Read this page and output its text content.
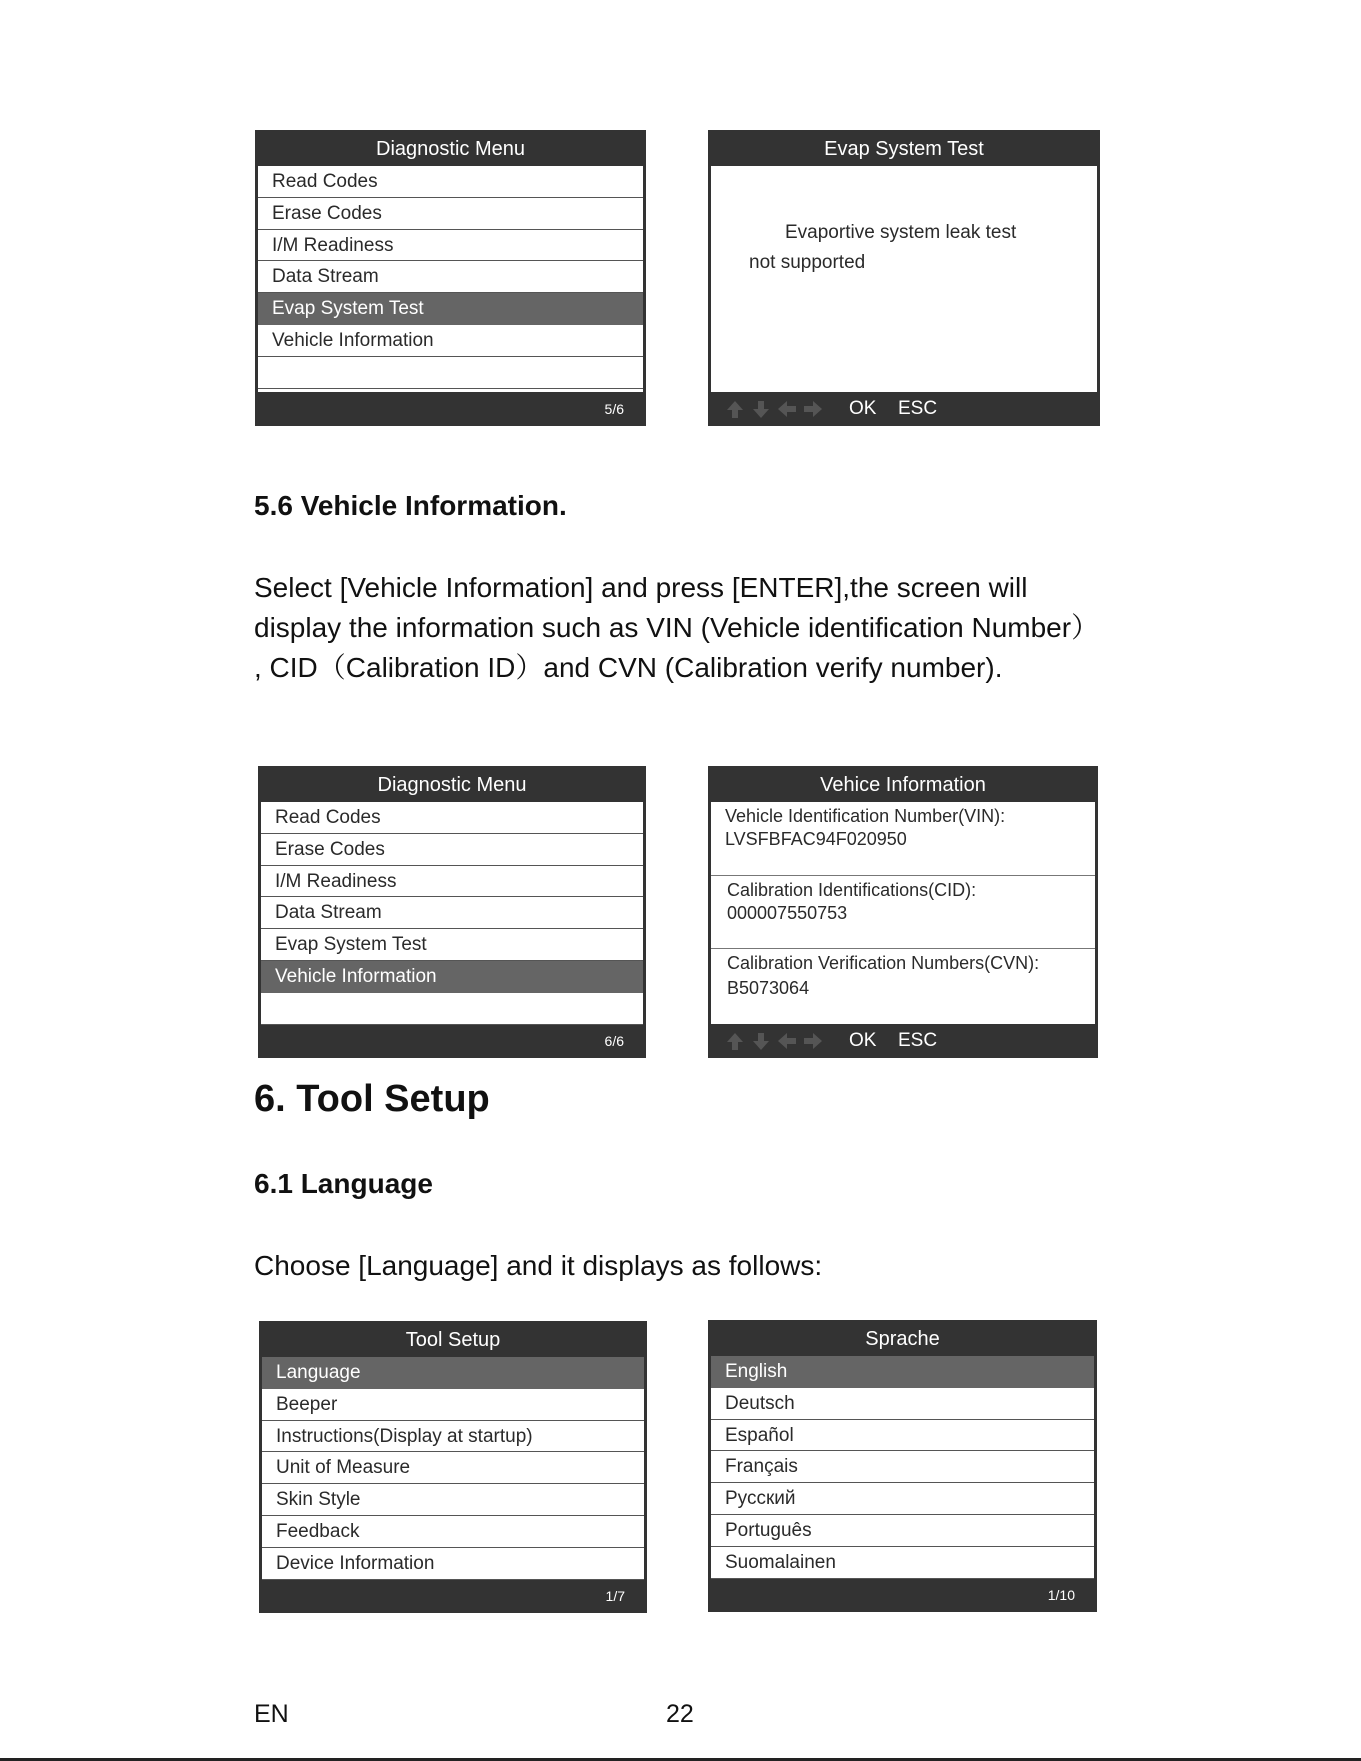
Diagnostic Menu
Read Codes
Erase Codes
I/M Readiness
Data Stream
Evap System Test
Vehicle Information
5/6
Evap System Test
Evaportive system leak test
not supported
OK ESC
5.6 Vehicle Information.
Select [Vehicle Information] and press [ENTER],the screen will display the information such as VIN (Vehicle identification Number） , CID（Calibration ID）and CVN (Calibration verify number).
Diagnostic Menu
Read Codes
Erase Codes
I/M Readiness
Data Stream
Evap System Test
Vehicle Information
6/6
Vehice Information
Vehicle Identification Number(VIN):
LVSFBFAC94F020950
Calibration Identifications(CID):
000007550753
Calibration Verification Numbers(CVN):
B5073064
OK ESC
6. Tool Setup
6.1 Language
Choose [Language] and it displays as follows:
Tool Setup
Language
Beeper
Instructions(Display at startup)
Unit of Measure
Skin Style
Feedback
Device Information
1/7
Sprache
English
Deutsch
Español
Français
Русский
Português
Suomalainen
1/10
EN	22
